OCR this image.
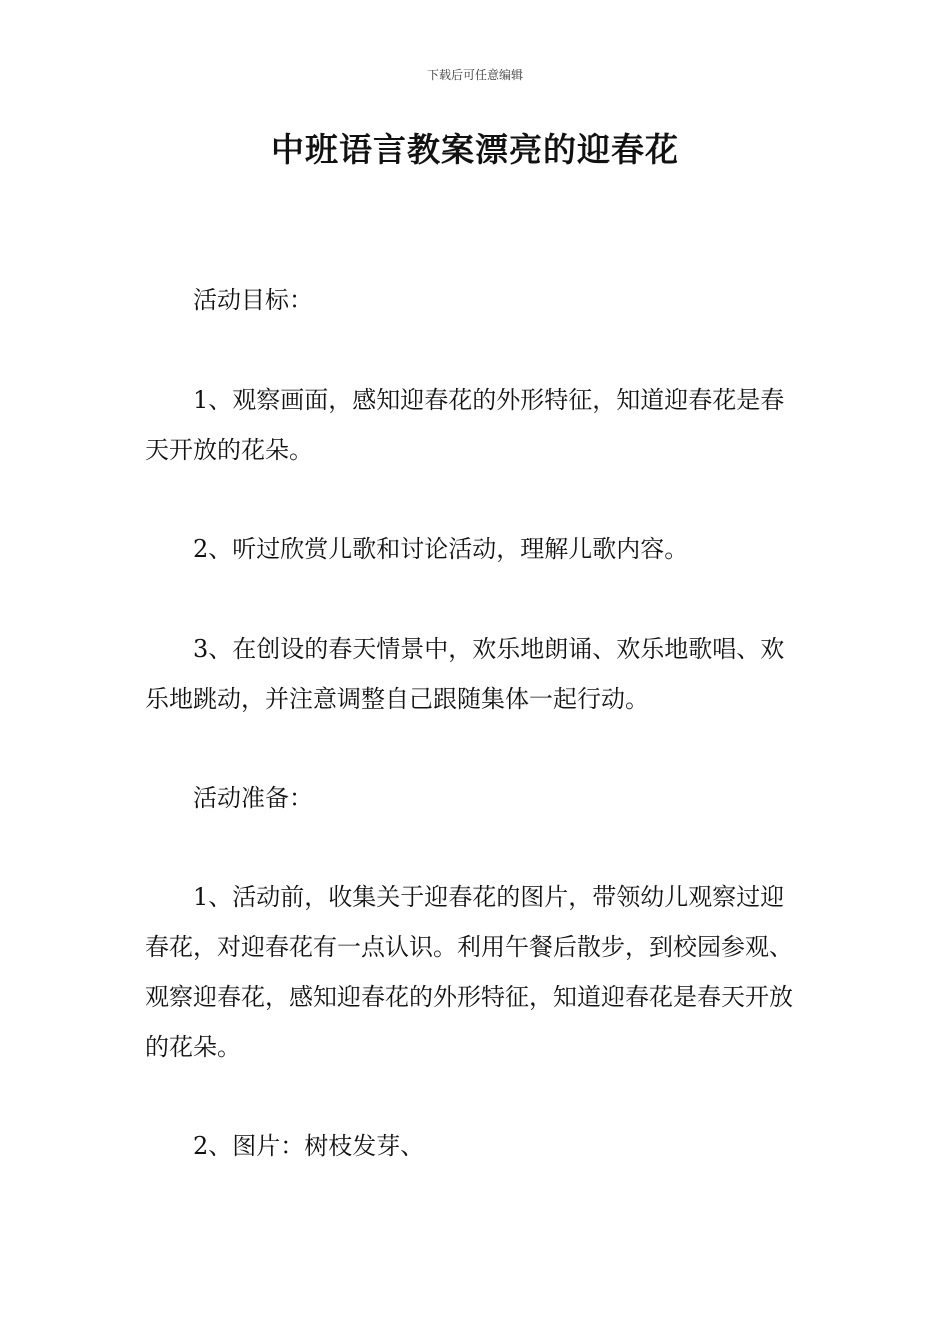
下载后可任意编辑
中班语言教案漂亮的迎春花

活动目标：

1、观察画面，感知迎春花的外形特征，知道迎春花是春天开放的花朵。

2、听过欣赏儿歌和讨论活动，理解儿歌内容。

3、在创设的春天情景中，欢乐地朗诵、欢乐地歌唱、欢乐地跳动，并注意调整自己跟随集体一起行动。

活动准备：

1、活动前，收集关于迎春花的图片，带领幼儿观察过迎春花，对迎春花有一点认识。利用午餐后散步，到校园参观、观察迎春花，感知迎春花的外形特征，知道迎春花是春天开放的花朵。

2、图片：树枝发芽、
